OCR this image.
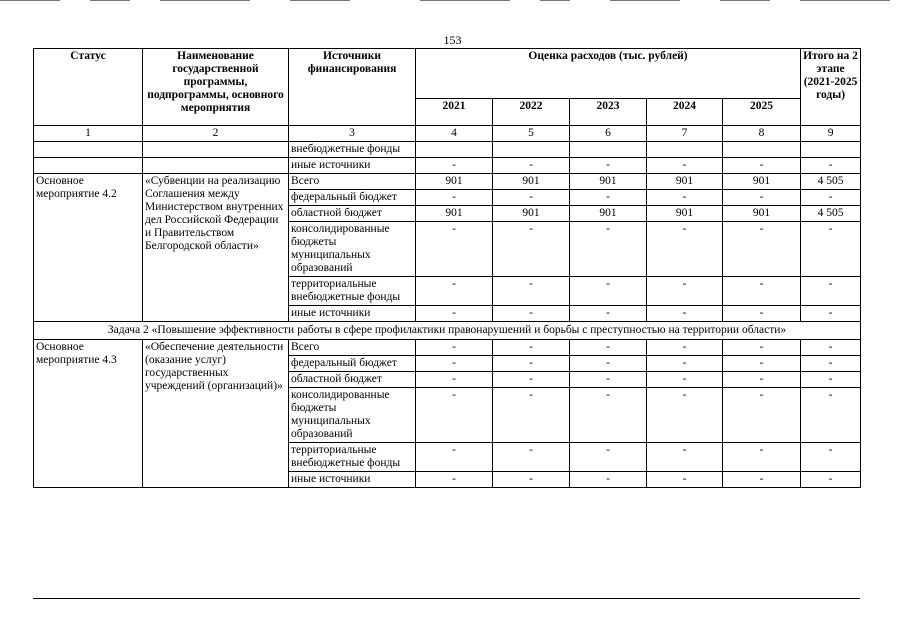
153
Статус	Наименование государственной программы, подпрограммы, основного мероприятия	Источники финансирования	Оценка расходов (тыс. рублей)					Итого на 2 этапе (2021-2025 годы)
			2021	2022	2023	2024	2025	
1	2	3	4	5	6	7	8	9
		внебюджетные фонды						
		иные источники	-	-	-	-	-	-
Основное мероприятие 4.2	«Субвенции на реализацию Соглашения между Министерством внутренних дел Российской Федерации и Правительством Белгородской области»	Всего	901	901	901	901	901	4 505
		федеральный бюджет	-	-	-	-	-	-
		областной бюджет	901	901	901	901	901	4 505
		консолидированные бюджеты муниципальных образований	-	-	-	-	-	-
		территориальные внебюджетные фонды	-	-	-	-	-	-
		иные источники	-	-	-	-	-	-
Задача 2 «Повышение эффективности работы в сфере профилактики правонарушений и борьбы с преступностью на территории области»								
Основное мероприятие 4.3	«Обеспечение деятельности (оказание услуг) государственных учреждений (организаций)»	Всего	-	-	-	-	-	-
		федеральный бюджет	-	-	-	-	-	-
		областной бюджет	-	-	-	-	-	-
		консолидированные бюджеты муниципальных образований	-	-	-	-	-	-
		территориальные внебюджетные фонды	-	-	-	-	-	-
		иные источники	-	-	-	-	-	-
